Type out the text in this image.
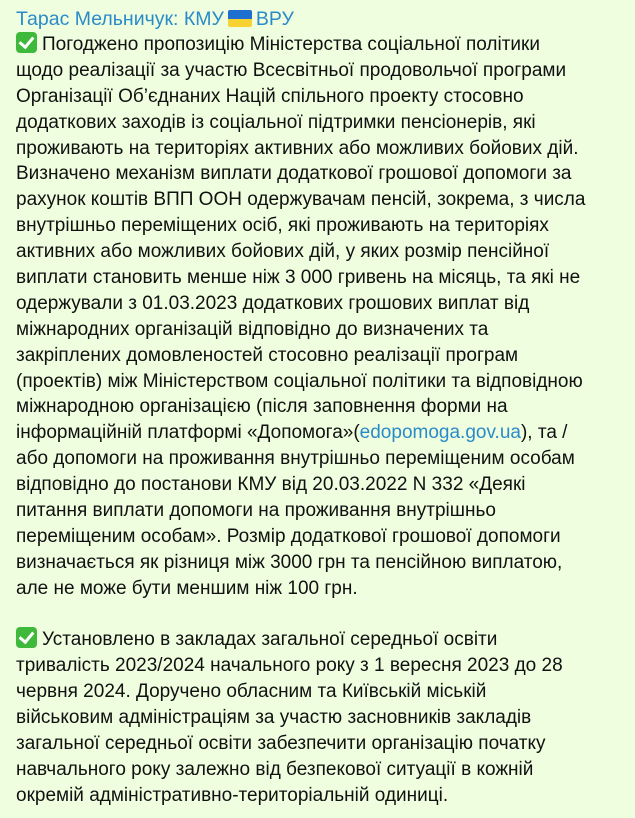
Тарас Мельничук: КМУ ВРУ
Погоджено пропозицію Міністерства соціальної політики
щодо реалізації за участю Всесвітньої продовольчої програми
Організації Об’єднаних Націй спільного проекту стосовно
додаткових заходів із соціальної підтримки пенсіонерів, які
проживають на територіях активних або можливих бойових дій.
Визначено механізм виплати додаткової грошової допомоги за
рахунок коштів ВПП ООН одержувачам пенсій, зокрема, з числа
внутрішньо переміщених осіб, які проживають на територіях
активних або можливих бойових дій, у яких розмір пенсійної
виплати становить менше ніж 3 000 гривень на місяць, та які не
одержували з 01.03.2023 додаткових грошових виплат від
міжнародних організацій відповідно до визначених та
закріплених домовленостей стосовно реалізації програм
(проектів) між Міністерством соціальної політики та відповідною
міжнародною організацією (після заповнення форми на
інформаційній платформі «Допомога»(edopomoga.gov.ua), та /
або допомоги на проживання внутрішньо переміщеним особам
відповідно до постанови КМУ від 20.03.2022 N 332 «Деякі
питання виплати допомоги на проживання внутрішньо
переміщеним особам». Розмір додаткової грошової допомоги
визначається як різниця між 3000 грн та пенсійною виплатою,
але не може бути меншим ніж 100 грн.
Установлено в закладах загальної середньої освіти
тривалість 2023/2024 начального року з 1 вересня 2023 до 28
червня 2024. Доручено обласним та Київській міській
військовим адміністраціям за участю засновників закладів
загальної середньої освіти забезпечити організацію початку
навчального року залежно від безпекової ситуації в кожній
окремій адміністративно-територіальній одиниці.
